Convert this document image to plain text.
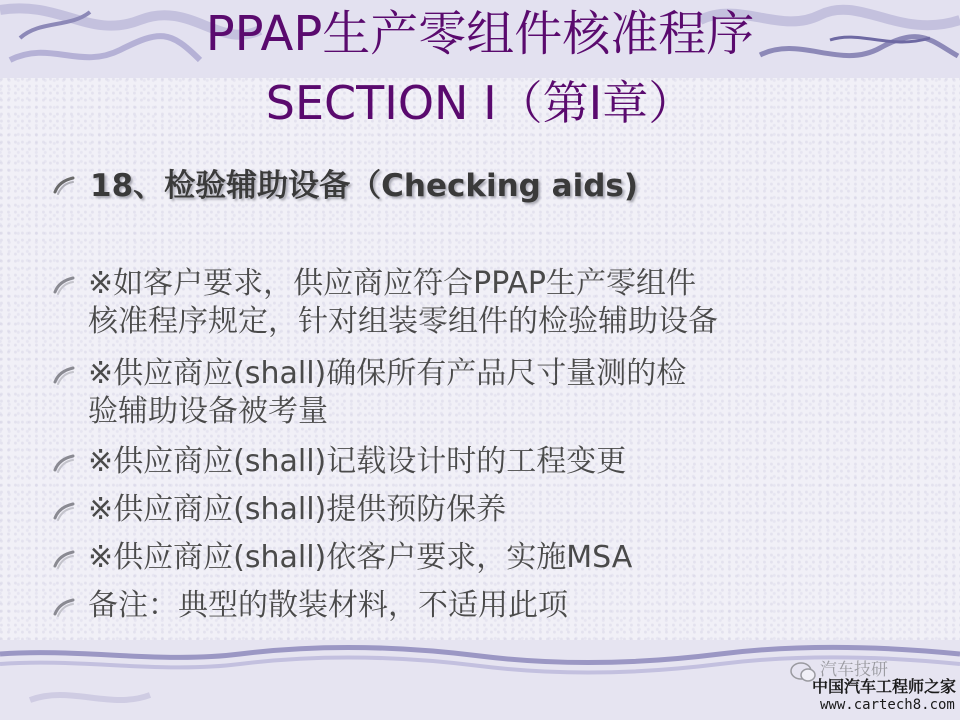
PPAP生产零组件核准程序
SECTION I（第I章）
18、检验辅助设备（Checking aids)
※如客户要求，供应商应符合PPAP生产零组件
核准程序规定，针对组装零组件的检验辅助设备
※供应商应(shall)确保所有产品尺寸量测的检
验辅助设备被考量
※供应商应(shall)记载设计时的工程变更
※供应商应(shall)提供预防保养
※供应商应(shall)依客户要求，实施MSA
备注：典型的散装材料，不适用此项
汽车技研
中国汽车工程师之家
www.cartech8.com
